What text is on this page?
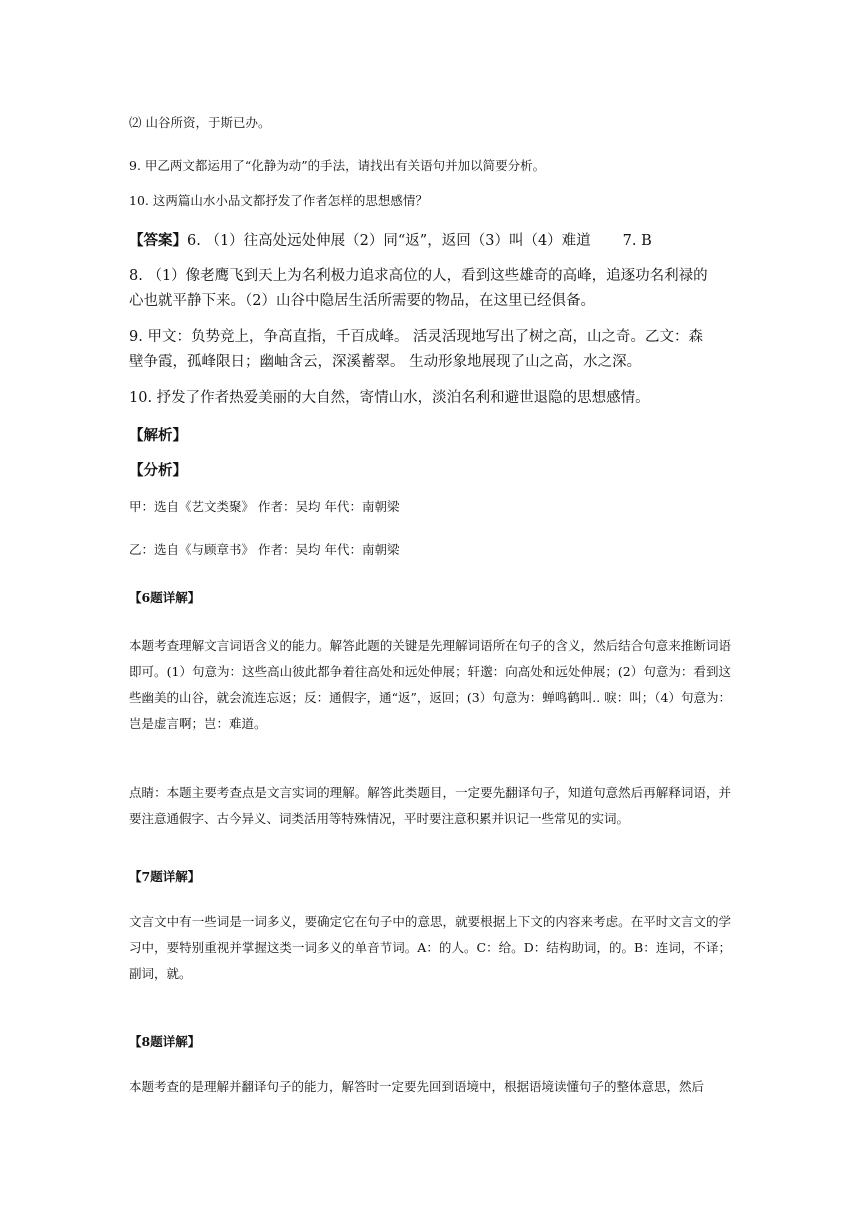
⑵ 山谷所资，于斯已办。
9. 甲乙两文都运用了“化静为动”的手法，请找出有关语句并加以简要分析。
10. 这两篇山水小品文都抒发了作者怎样的思想感情？
【答案】6. （1）往高处远处伸展（2）同“返”，返回（3）叫（4）难道 7. B
8. （1）像老鹰飞到天上为名利极力追求高位的人，看到这些雄奇的高峰，追逐功名利禄的
心也就平静下来。（2）山谷中隐居生活所需要的物品，在这里已经俱备。
9. 甲文：负势竞上，争高直指，千百成峰。 活灵活现地写出了树之高，山之奇。乙文：森
壁争霞，孤峰限日；幽岫含云，深溪蓄翠。 生动形象地展现了山之高，水之深。
10. 抒发了作者热爱美丽的大自然，寄情山水，淡泊名利和避世退隐的思想感情。
【解析】
【分析】
甲：选自《艺文类聚》 作者：吴均 年代：南朝梁
乙：选自《与顾章书》 作者：吴均 年代：南朝梁
【6题详解】
本题考查理解文言词语含义的能力。解答此题的关键是先理解词语所在句子的含义，然后结合句意来推断词语即可。(1）句意为：这些高山彼此都争着往高处和远处伸展；轩邈：向高处和远处伸展；(2）句意为：看到这些幽美的山谷，就会流连忘返；反：通假字，通“返”，返回；(3）句意为：蝉鸣鹤叫.. 唳：叫；（4）句意为：岂是虚言啊；岂：难道。
点睛：本题主要考查点是文言实词的理解。解答此类题目，一定要先翻译句子，知道句意然后再解释词语，并要注意通假字、古今异义、词类活用等特殊情况，平时要注意积累并识记一些常见的实词。
【7题详解】
文言文中有一些词是一词多义，要确定它在句子中的意思，就要根据上下文的内容来考虑。在平时文言文的学习中，要特别重视并掌握这类一词多义的单音节词。A：的人。C：给。D：结构助词，的。B：连词，不译；副词，就。
【8题详解】
本题考查的是理解并翻译句子的能力，解答时一定要先回到语境中，根据语境读懂句子的整体意思，然后
